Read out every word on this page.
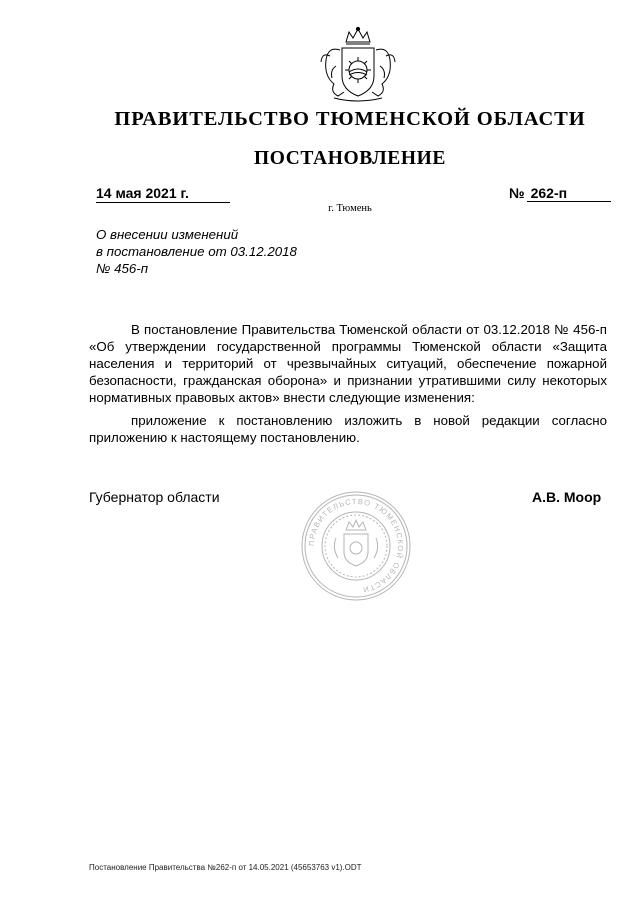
ПРАВИТЕЛЬСТВО ТЮМЕНСКОЙ ОБЛАСТИ
ПОСТАНОВЛЕНИЕ
14 мая 2021 г.	№ 262-п
г. Тюмень
О внесении изменений
в постановление от 03.12.2018
№ 456-п

В постановление Правительства Тюменской области от 03.12.2018 № 456-п «Об утверждении государственной программы Тюменской области «Защита населения и территорий от чрезвычайных ситуаций, обеспечение пожарной безопасности, гражданская оборона» и признании утратившими силу некоторых нормативных правовых актов» внести следующие изменения:

приложение к постановлению изложить в новой редакции согласно приложению к настоящему постановлению.

Губернатор области
ПРАВИТЕЛЬСТВО ТЮМЕНСКОЙ ОБЛАСТИ
А.В. Моор
Постановление Правительства №262-п от 14.05.2021 (45653763 v1).ODT
